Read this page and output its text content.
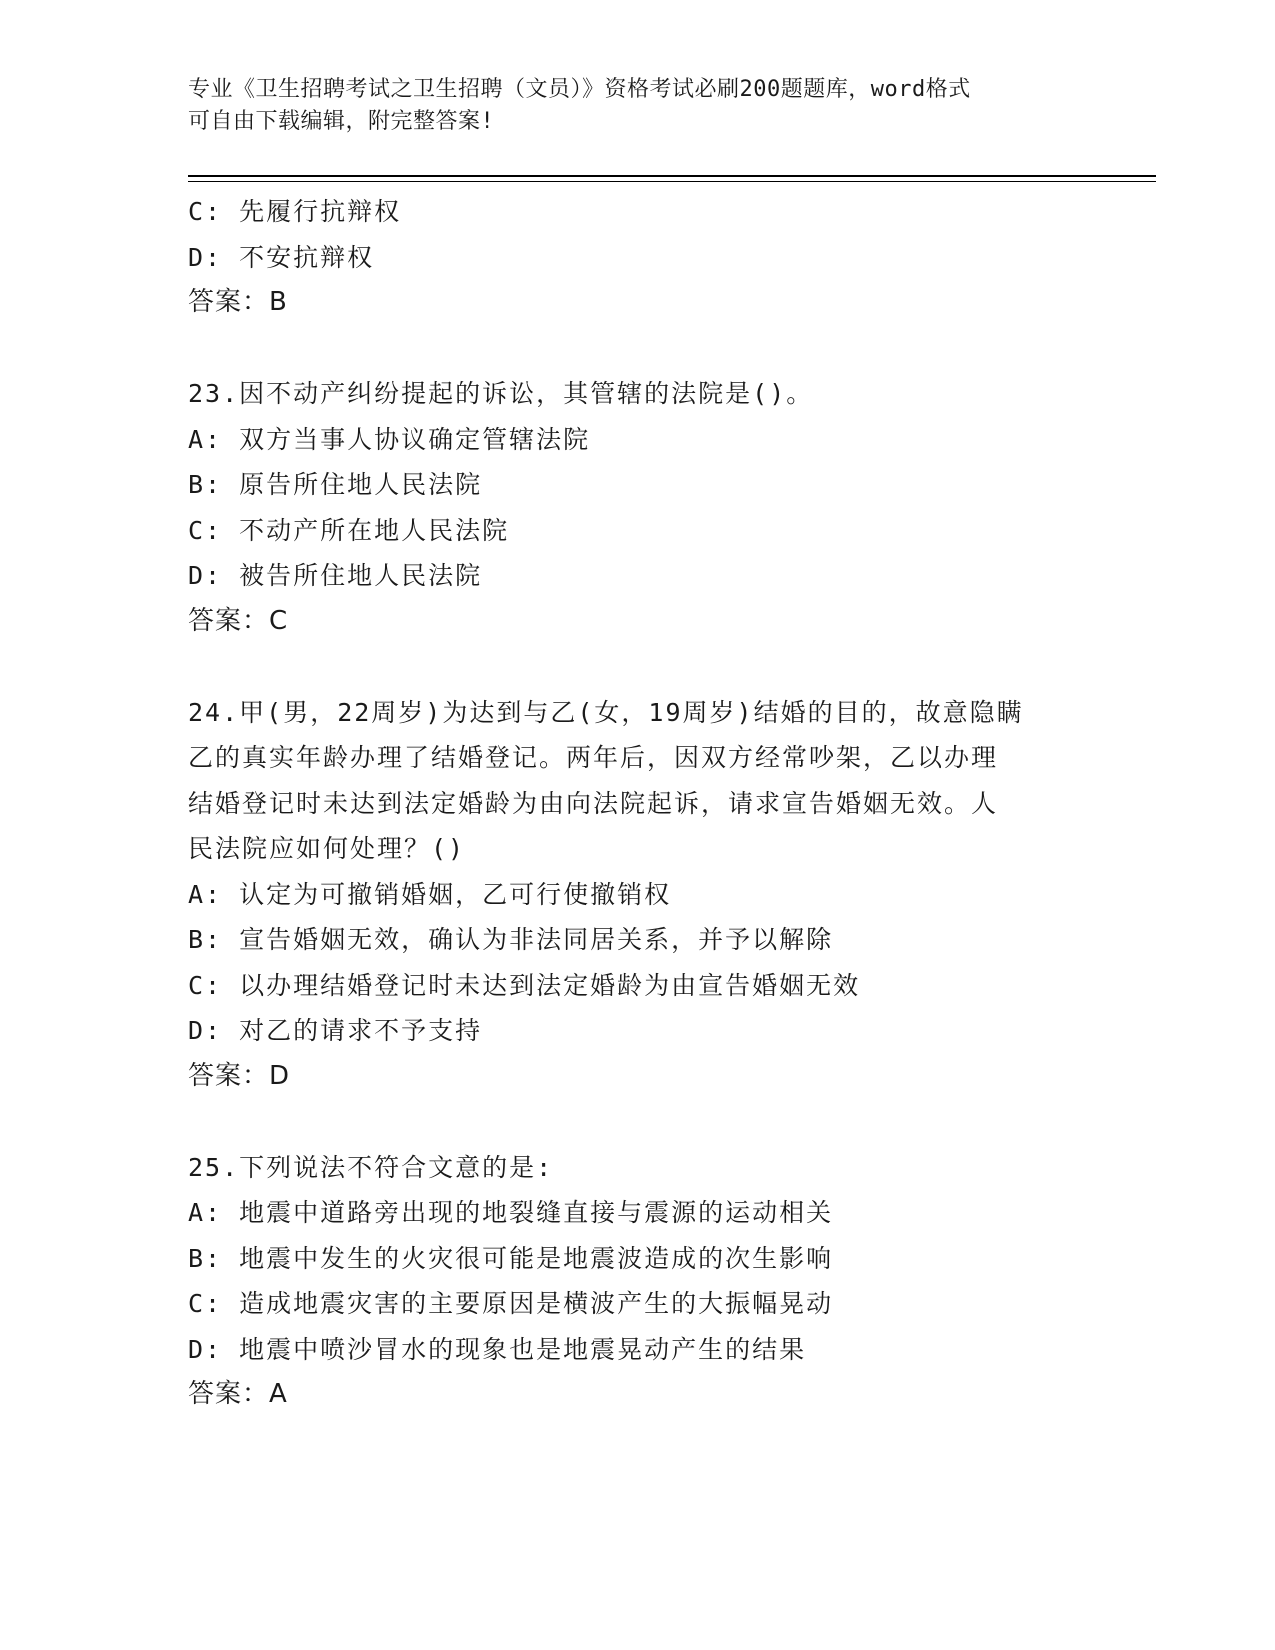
专业《卫生招聘考试之卫生招聘（文员）》资格考试必刷200题题库，word格式
可自由下载编辑，附完整答案!
C: 先履行抗辩权
D: 不安抗辩权
答案：B
23.因不动产纠纷提起的诉讼，其管辖的法院是()。
A: 双方当事人协议确定管辖法院
B: 原告所住地人民法院
C: 不动产所在地人民法院
D: 被告所住地人民法院
答案：C
24.甲(男，22周岁)为达到与乙(女，19周岁)结婚的目的，故意隐瞒
乙的真实年龄办理了结婚登记。两年后，因双方经常吵架，乙以办理
结婚登记时未达到法定婚龄为由向法院起诉，请求宣告婚姻无效。人
民法院应如何处理？()
A: 认定为可撤销婚姻，乙可行使撤销权
B: 宣告婚姻无效，确认为非法同居关系，并予以解除
C: 以办理结婚登记时未达到法定婚龄为由宣告婚姻无效
D: 对乙的请求不予支持
答案：D
25.下列说法不符合文意的是:
A: 地震中道路旁出现的地裂缝直接与震源的运动相关
B: 地震中发生的火灾很可能是地震波造成的次生影响
C: 造成地震灾害的主要原因是横波产生的大振幅晃动
D: 地震中喷沙冒水的现象也是地震晃动产生的结果
答案：A
